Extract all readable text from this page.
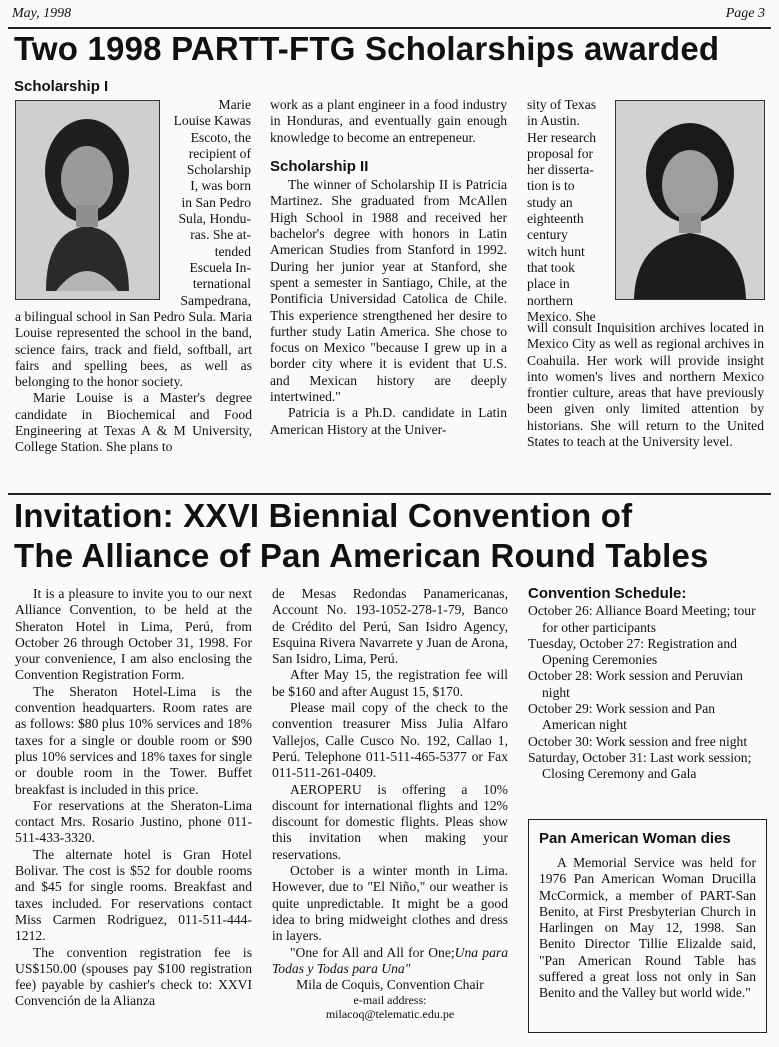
May, 1998	Page 3
Two 1998 PARTT-FTG Scholarships awarded
Scholarship I
Marie
Louise Kawas
Escoto, the
recipient of
Scholarship
I, was born
in San Pedro
Sula, Hondu-
ras. She at-
tended
Escuela In-
ternational
Sampedrana,

a bilingual school in San Pedro Sula. Maria Louise represented the school in the band, science fairs, track and field, softball, art fairs and spelling bees, as well as belonging to the honor society.

Marie Louise is a Master's degree candidate in Biochemical and Food Engineering at Texas A & M University, College Station. She plans to

work as a plant engineer in a food industry in Honduras, and eventually gain enough knowledge to become an entrepeneur.

Scholarship II

The winner of Scholarship II is Patricia Martinez. She graduated from McAllen High School in 1988 and received her bachelor's degree with honors in Latin American Studies from Stanford in 1992. During her junior year at Stanford, she spent a semester in Santiago, Chile, at the Pontificia Universidad Catolica de Chile. This experience strengthened her desire to further study Latin America. She chose to focus on Mexico "because I grew up in a border city where it is evident that U.S. and Mexican history are deeply intertwined."

Patricia is a Ph.D. candidate in Latin American History at the Univer-

sity of Texas
in Austin.
Her research
proposal for
her disserta-
tion is to
study an
eighteenth
century
witch hunt
that took
place in
northern
Mexico. She

will consult Inquisition archives located in Mexico City as well as regional archives in Coahuila. Her work will provide insight into women's lives and northern Mexico frontier culture, areas that have previously been given only limited attention by historians. She will return to the United States to teach at the University level.

Invitation: XXVI Biennial Convention of
The Alliance of Pan American Round Tables

It is a pleasure to invite you to our next Alliance Convention, to be held at the Sheraton Hotel in Lima, Perú, from October 26 through October 31, 1998. For your convenience, I am also enclosing the Convention Registration Form.

The Sheraton Hotel-Lima is the convention headquarters. Room rates are as follows: $80 plus 10% services and 18% taxes for a single or double room or $90 plus 10% services and 18% taxes for single or double room in the Tower. Buffet breakfast is included in this price.

For reservations at the Sheraton-Lima contact Mrs. Rosario Justino, phone 011-511-433-3320.

The alternate hotel is Gran Hotel Bolivar. The cost is $52 for double rooms and $45 for single rooms. Breakfast and taxes included. For reservations contact Miss Carmen Rodriguez, 011-511-444-1212.

The convention registration fee is US$150.00 (spouses pay $100 registration fee) payable by cashier's check to: XXVI Convención de la Alianza

de Mesas Redondas Panamericanas, Account No. 193-1052-278-1-79, Banco de Crédito del Perú, San Isidro Agency, Esquina Rivera Navarrete y Juan de Arona, San Isidro, Lima, Perú.

After May 15, the registration fee will be $160 and after August 15, $170.

Please mail copy of the check to the convention treasurer Miss Julia Alfaro Vallejos, Calle Cusco No. 192, Callao 1, Perú. Telephone 011-511-465-5377 or Fax 011-511-261-0409.

AEROPERU is offering a 10% discount for international flights and 12% discount for domestic flights. Pleas show this invitation when making your reservations.

October is a winter month in Lima. However, due to "El Niño," our weather is quite unpredictable. It might be a good idea to bring midweight clothes and dress in layers.

"One for All and All for One;Una para Todas y Todas para Una"

Mila de Coquis, Convention Chair
e-mail address:
milacoq@telematic.edu.pe
Convention Schedule:
October 26: Alliance Board Meeting; tour for other participants
Tuesday, October 27: Registration and Opening Ceremonies
October 28: Work session and Peruvian night
October 29: Work session and Pan American night
October 30: Work session and free night
Saturday, October 31: Last work session; Closing Ceremony and Gala
Pan American Woman dies

A Memorial Service was held for 1976 Pan American Woman Drucilla McCormick, a member of PART-San Benito, at First Presbyterian Church in Harlingen on May 12, 1998. San Benito Director Tillie Elizalde said, "Pan American Round Table has suffered a great loss not only in San Benito and the Valley but world wide."
